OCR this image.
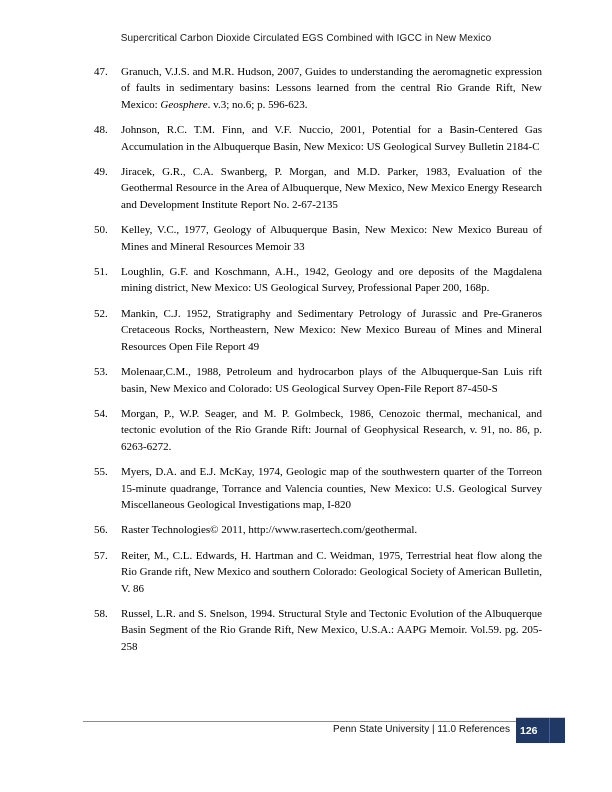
Supercritical Carbon Dioxide Circulated EGS Combined with IGCC in New Mexico
47. Granuch, V.J.S. and M.R. Hudson, 2007, Guides to understanding the aeromagnetic expression of faults in sedimentary basins: Lessons learned from the central Rio Grande Rift, New Mexico: Geosphere. v.3; no.6; p. 596-623.
48. Johnson, R.C. T.M. Finn, and V.F. Nuccio, 2001, Potential for a Basin-Centered Gas Accumulation in the Albuquerque Basin, New Mexico: US Geological Survey Bulletin 2184-C
49. Jiracek, G.R., C.A. Swanberg, P. Morgan, and M.D. Parker, 1983, Evaluation of the Geothermal Resource in the Area of Albuquerque, New Mexico, New Mexico Energy Research and Development Institute Report No. 2-67-2135
50. Kelley, V.C., 1977, Geology of Albuquerque Basin, New Mexico: New Mexico Bureau of Mines and Mineral Resources Memoir 33
51. Loughlin, G.F. and Koschmann, A.H., 1942, Geology and ore deposits of the Magdalena mining district, New Mexico: US Geological Survey, Professional Paper 200, 168p.
52. Mankin, C.J. 1952, Stratigraphy and Sedimentary Petrology of Jurassic and Pre-Graneros Cretaceous Rocks, Northeastern, New Mexico: New Mexico Bureau of Mines and Mineral Resources Open File Report 49
53. Molenaar,C.M., 1988, Petroleum and hydrocarbon plays of the Albuquerque-San Luis rift basin, New Mexico and Colorado: US Geological Survey Open-File Report 87-450-S
54. Morgan, P., W.P. Seager, and M. P. Golmbeck, 1986, Cenozoic thermal, mechanical, and tectonic evolution of the Rio Grande Rift: Journal of Geophysical Research, v. 91, no. 86, p. 6263-6272.
55. Myers, D.A. and E.J. McKay, 1974, Geologic map of the southwestern quarter of the Torreon 15-minute quadrange, Torrance and Valencia counties, New Mexico: U.S. Geological Survey Miscellaneous Geological Investigations map, I-820
56. Raster Technologies© 2011, http://www.rasertech.com/geothermal.
57. Reiter, M., C.L. Edwards, H. Hartman and C. Weidman, 1975, Terrestrial heat flow along the Rio Grande rift, New Mexico and southern Colorado: Geological Society of American Bulletin, V. 86
58. Russel, L.R. and S. Snelson, 1994. Structural Style and Tectonic Evolution of the Albuquerque Basin Segment of the Rio Grande Rift, New Mexico, U.S.A.: AAPG Memoir. Vol.59. pg. 205-258
Penn State University | 11.0 References 126
